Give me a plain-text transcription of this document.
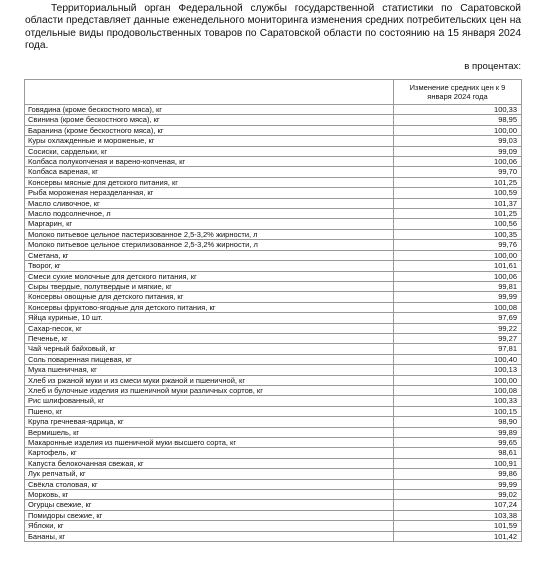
Территориальный орган Федеральной службы государственной статистики по Саратовской области представляет данные еженедельного мониторинга изменения средних потребительских цен на отдельные виды продовольственных товаров по Саратовской области по состоянию на 15 января 2024 года.

в процентах:

	Изменение средних цен к 9 января 2024 года
Говядина (кроме бескостного мяса), кг	100,33
Свинина (кроме бескостного мяса), кг	98,95
Баранина (кроме бескостного мяса), кг	100,00
Куры охлажденные и мороженые, кг	99,03
Сосиски, сардельки, кг	99,09
Колбаса полукопченая и варено-копченая, кг	100,06
Колбаса вареная, кг	99,70
Консервы мясные для детского питания, кг	101,25
Рыба мороженая неразделанная, кг	100,59
Масло сливочное, кг	101,37
Масло подсолнечное, л	101,25
Маргарин, кг	100,56
Молоко питьевое цельное пастеризованное 2,5-3,2% жирности, л	100,35
Молоко питьевое цельное стерилизованное 2,5-3,2% жирности, л	99,76
Сметана, кг	100,00
Творог, кг	101,61
Смеси сухие молочные для детского питания, кг	100,06
Сыры твердые, полутвердые и мягкие, кг	99,81
Консервы овощные для детского питания, кг	99,99
Консервы фруктово-ягодные для детского питания, кг	100,08
Яйца куриные, 10 шт.	97,69
Сахар-песок, кг	99,22
Печенье, кг	99,27
Чай черный байховый, кг	97,81
Соль поваренная пищевая, кг	100,40
Мука пшеничная, кг	100,13
Хлеб из ржаной муки и из смеси муки ржаной и пшеничной, кг	100,00
Хлеб и булочные изделия из пшеничной муки различных сортов, кг	100,08
Рис шлифованный, кг	100,33
Пшено, кг	100,15
Крупа гречневая-ядрица, кг	98,90
Вермишель, кг	99,89
Макаронные изделия из пшеничной муки высшего сорта, кг	99,65
Картофель, кг	98,61
Капуста белокочанная свежая, кг	100,91
Лук репчатый, кг	99,86
Свёкла столовая, кг	99,99
Морковь, кг	99,02
Огурцы свежие, кг	107,24
Помидоры свежие, кг	103,38
Яблоки, кг	101,59
Бананы, кг	101,42
